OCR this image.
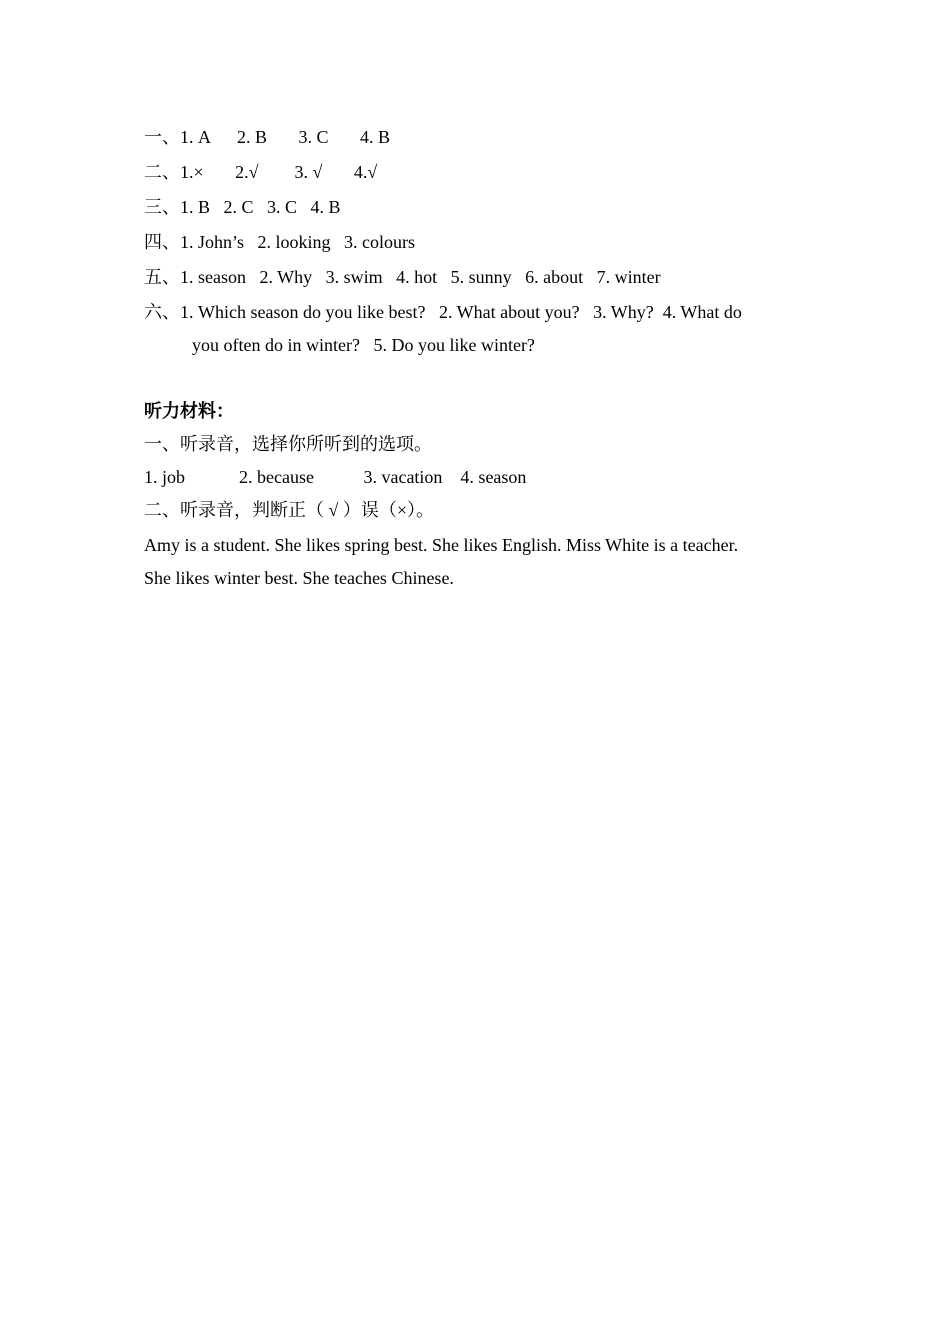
一、1. A      2. B       3. C       4. B
二、1.×       2.√        3. √       4.√
三、1. B   2. C   3. C   4. B
四、1. John’s   2. looking   3. colours
五、1. season   2. Why   3. swim   4. hot   5. sunny   6. about   7. winter
六、1. Which season do you like best?   2. What about you?   3. Why?  4. What do
you often do in winter?   5. Do you like winter?
听力材料：
一、听录音，选择你所听到的选项。
1. job            2. because           3. vacation    4. season
二、听录音，判断正（ √ ）误（×）。
Amy is a student. She likes spring best. She likes English. Miss White is a teacher.
She likes winter best. She teaches Chinese.
